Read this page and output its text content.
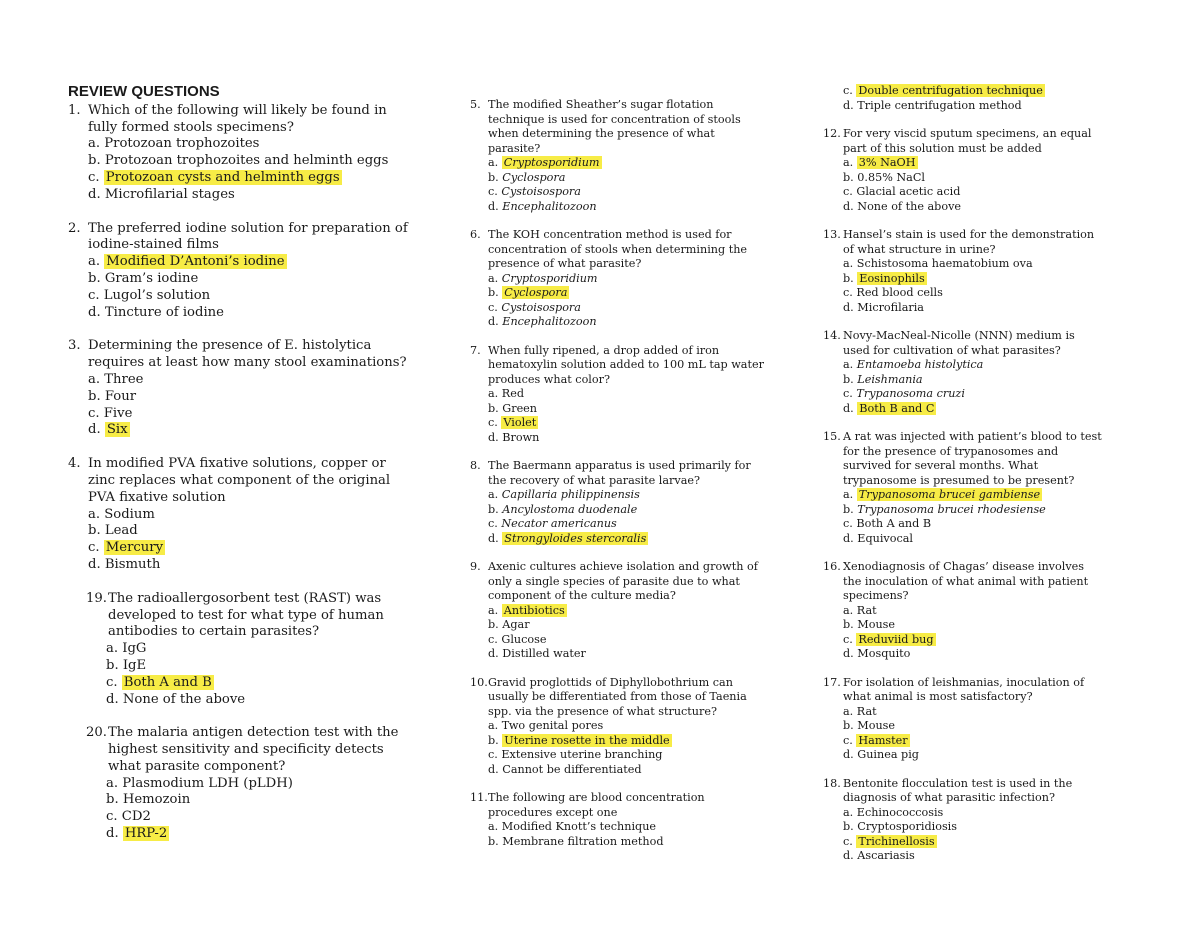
REVIEW QUESTIONS
1. Which of the following will likely be found in fully formed stools specimens?
a. Protozoan trophozoites
b. Protozoan trophozoites and helminth eggs
c. Protozoan cysts and helminth eggs
d. Microfilarial stages
2. The preferred iodine solution for preparation of iodine-stained films
a. Modified D’Antoni’s iodine
b. Gram’s iodine
c. Lugol’s solution
d. Tincture of iodine
3. Determining the presence of E. histolytica requires at least how many stool examinations?
a. Three
b. Four
c. Five
d. Six
4. In modified PVA fixative solutions, copper or zinc replaces what component of the original PVA fixative solution
a. Sodium
b. Lead
c. Mercury
d. Bismuth
19. The radioallergosorbent test (RAST) was developed to test for what type of human antibodies to certain parasites?
a. IgG
b. IgE
c. Both A and B
d. None of the above
20. The malaria antigen detection test with the highest sensitivity and specificity detects what parasite component?
a. Plasmodium LDH (pLDH)
b. Hemozoin
c. CD2
d. HRP-2
5. The modified Sheather’s sugar flotation technique is used for concentration of stools when determining the presence of what parasite?
a. Cryptosporidium
b. Cyclospora
c. Cystoisospora
d. Encephalitozoon
6. The KOH concentration method is used for concentration of stools when determining the presence of what parasite?
a. Cryptosporidium
b. Cyclospora
c. Cystoisospora
d. Encephalitozoon
7. When fully ripened, a drop added of iron hematoxylin solution added to 100 mL tap water produces what color?
a. Red
b. Green
c. Violet
d. Brown
8. The Baermann apparatus is used primarily for the recovery of what parasite larvae?
a. Capillaria philippinensis
b. Ancylostoma duodenale
c. Necator americanus
d. Strongyloides stercoralis
9. Axenic cultures achieve isolation and growth of only a single species of parasite due to what component of the culture media?
a. Antibiotics
b. Agar
c. Glucose
d. Distilled water
10. Gravid proglottids of Diphyllobothrium can usually be differentiated from those of Taenia spp. via the presence of what structure?
a. Two genital pores
b. Uterine rosette in the middle
c. Extensive uterine branching
d. Cannot be differentiated
11. The following are blood concentration procedures except one
a. Modified Knott’s technique
b. Membrane filtration method
c. Double centrifugation technique
d. Triple centrifugation method
12. For very viscid sputum specimens, an equal part of this solution must be added
a. 3% NaOH
b. 0.85% NaCl
c. Glacial acetic acid
d. None of the above
13. Hansel’s stain is used for the demonstration of what structure in urine?
a. Schistosoma haematobium ova
b. Eosinophils
c. Red blood cells
d. Microfilaria
14. Novy-MacNeal-Nicolle (NNN) medium is used for cultivation of what parasites?
a. Entamoeba histolytica
b. Leishmania
c. Trypanosoma cruzi
d. Both B and C
15. A rat was injected with patient’s blood to test for the presence of trypanosomes and survived for several months. What trypanosome is presumed to be present?
a. Trypanosoma brucei gambiense
b. Trypanosoma brucei rhodesiense
c. Both A and B
d. Equivocal
16. Xenodiagnosis of Chagas’ disease involves the inoculation of what animal with patient specimens?
a. Rat
b. Mouse
c. Reduviid bug
d. Mosquito
17. For isolation of leishmanias, inoculation of what animal is most satisfactory?
a. Rat
b. Mouse
c. Hamster
d. Guinea pig
18. Bentonite flocculation test is used in the diagnosis of what parasitic infection?
a. Echinococcosis
b. Cryptosporidiosis
c. Trichinellosis
d. Ascariasis
